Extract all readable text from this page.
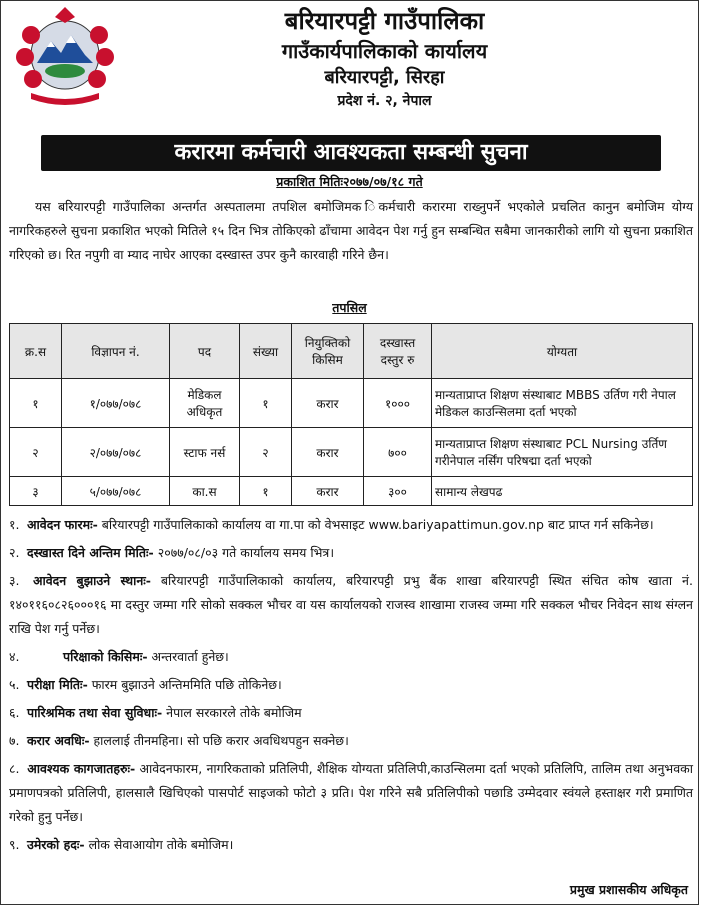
बरियारपट्टी गाउँपालिका
गाउँकार्यपालिकाको कार्यालय
बरियारपट्टी, सिरहा
प्रदेश नं. २, नेपाल
करारमा कर्मचारी आवश्यकता सम्बन्धी सुचना
प्रकाशित मितिः२०७७/०७/१८ गते

यस बरियारपट्टी गाउँपालिका अन्तर्गत अस्पतालमा तपशिल बमोजिमक िकर्मचारी करारमा राख्नुपर्ने भएकोले प्रचलित कानुन बमोजिम योग्य नागरिकहरुले सुचना प्रकाशित भएको मितिले १५ दिन भित्र तोकिएको ढाँचामा आवेदन पेश गर्नु हुन सम्बन्धित सबैमा जानकारीको लागि यो सुचना प्रकाशित गरिएको छ। रित नपुगी वा म्याद नाघेर आएका दस्खास्त उपर कुनै कारवाही गरिने छैन।

तपसिल
क्र.स	विज्ञापन नं.	पद	संख्या	नियुक्तिको किसिम	दस्खास्त दस्तुर रु	योग्यता
१	१/०७७/०७८	मेडिकल अधिकृत	१	करार	१०००	मान्यताप्राप्त शिक्षण संस्थाबाट MBBS उर्तिण गरी नेपाल मेडिकल काउन्सिलमा दर्ता भएको
२	२/०७७/०७८	स्टाफ नर्स	२	करार	७००	मान्यताप्राप्त शिक्षण संस्थाबाट PCL Nursing उर्तिण गरीनेपाल नर्सिंग परिषद्मा दर्ता भएको
३	५/०७७/०७८	का.स	१	करार	३००	सामान्य लेखपढ

१. आवेदन फारमः- बरियारपट्टी गाउँपालिकाको कार्यालय वा गा.पा को वेभसाइट www.bariyapattimun.gov.np बाट प्राप्त गर्न सकिनेछ।

२. दस्खास्त दिने अन्तिम मितिः- २०७७/०८/०३ गते कार्यालय समय भित्र।

३. आवेदन बुझाउने स्थानः- बरियारपट्टी गाउँपालिकाको कार्यालय, बरियारपट्टी प्रभु बैंक शाखा बरियारपट्टी स्थित संचित कोष खाता नं. १४०११६०८२६०००१६ मा दस्तुर जम्मा गरि सोको सक्कल भौचर वा यस कार्यालयको राजस्व शाखामा राजस्व जम्मा गरि सक्कल भौचर निवेदन साथ संग्लन राखि पेश गर्नु पर्नेछ।

४.	परिक्षाको किसिमः- अन्तरवार्ता हुनेछ।

५. परीक्षा मितिः- फारम बुझाउने अन्तिममिति पछि तोकिनेछ।

६. पारिश्रमिक तथा सेवा सुविधाः- नेपाल सरकारले तोके बमोजिम

७. करार अवधिः- हाललाई तीनमहिना। सो पछि करार अवधिथपहुन सक्नेछ।

८. आवश्यक कागजातहरुः- आवेदनफारम, नागरिकताको प्रतिलिपी, शैक्षिक योग्यता प्रतिलिपी,काउन्सिलमा दर्ता भएको प्रतिलिपि, तालिम तथा अनुभवका प्रमाणपत्रको प्रतिलिपी, हालसालै खिचिएको पासपोर्ट साइजको फोटो ३ प्रति। पेश गरिने सबै प्रतिलिपीको पछाडि उम्मेदवार स्वंयले हस्ताक्षर गरी प्रमाणित गरेको हुनु पर्नेछ।

९. उमेरको हदः- लोक सेवाआयोग तोके बमोजिम।

प्रमुख प्रशासकीय अधिकृत
